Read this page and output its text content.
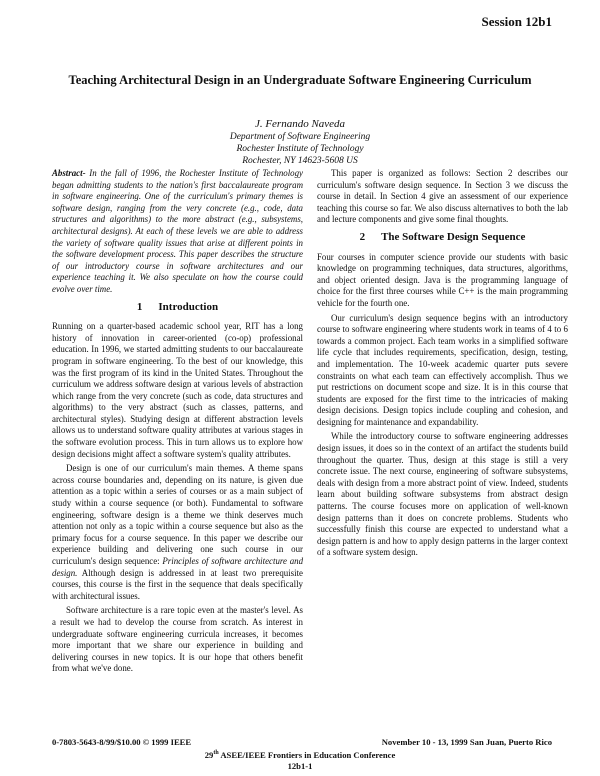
Session 12b1
Teaching Architectural Design in an Undergraduate Software Engineering Curriculum
J. Fernando Naveda
Department of Software Engineering
Rochester Institute of Technology
Rochester, NY 14623-5608 US

Abstract- In the fall of 1996, the Rochester Institute of Technology began admitting students to the nation's first baccalaureate program in software engineering. One of the curriculum's primary themes is software design, ranging from the very concrete (e.g., code, data structures and algorithms) to the more abstract (e.g., subsystems, architectural designs). At each of these levels we are able to address the variety of software quality issues that arise at different points in the software development process. This paper describes the structure of our introductory course in software architectures and our experience teaching it. We also speculate on how the course could evolve over time.

1 Introduction

Running on a quarter-based academic school year, RIT has a long history of innovation in career-oriented (co-op) professional education. In 1996, we started admitting students to our baccalaureate program in software engineering. To the best of our knowledge, this was the first program of its kind in the United States. Throughout the curriculum we address software design at various levels of abstraction which range from the very concrete (such as code, data structures and algorithms) to the very abstract (such as classes, patterns, and architectural styles). Studying design at different abstraction levels allows us to understand software quality attributes at various stages in the software evolution process. This in turn allows us to explore how design decisions might affect a software system's quality attributes.

Design is one of our curriculum's main themes. A theme spans across course boundaries and, depending on its nature, is given due attention as a topic within a series of courses or as a main subject of study within a course sequence (or both). Fundamental to software engineering, software design is a theme we think deserves much attention not only as a topic within a course sequence but also as the primary focus for a course sequence. In this paper we describe our experience building and delivering one such course in our curriculum's design sequence: Principles of software architecture and design. Although design is addressed in at least two prerequisite courses, this course is the first in the sequence that deals specifically with architectural issues.

Software architecture is a rare topic even at the master's level. As a result we had to develop the course from scratch. As interest in undergraduate software engineering curricula increases, it becomes more important that we share our experience in building and delivering courses in new topics. It is our hope that others benefit from what we've done.

This paper is organized as follows: Section 2 describes our curriculum's software design sequence. In Section 3 we discuss the course in detail. In Section 4 give an assessment of our experience teaching this course so far. We also discuss alternatives to both the lab and lecture components and give some final thoughts.

2 The Software Design Sequence

Four courses in computer science provide our students with basic knowledge on programming techniques, data structures, algorithms, and object oriented design. Java is the programming language of choice for the first three courses while C++ is the main programming vehicle for the fourth one.

Our curriculum's design sequence begins with an introductory course to software engineering where students work in teams of 4 to 6 towards a common project. Each team works in a simplified software life cycle that includes requirements, specification, design, testing, and implementation. The 10-week academic quarter puts severe constraints on what each team can effectively accomplish. Thus we put restrictions on document scope and size. It is in this course that students are exposed for the first time to the intricacies of making design decisions. Design topics include coupling and cohesion, and designing for maintenance and expandability.

While the introductory course to software engineering addresses design issues, it does so in the context of an artifact the students build throughout the quarter. Thus, design at this stage is still a very concrete issue. The next course, engineering of software subsystems, deals with design from a more abstract point of view. Indeed, students learn about building software subsystems from abstract design patterns. The course focuses more on application of well-known design patterns than it does on concrete problems. Students who successfully finish this course are expected to understand what a design pattern is and how to apply design patterns in the larger context of a software system design.

0-7803-5643-8/99/$10.00 © 1999 IEEE	November 10 - 13, 1999 San Juan, Puerto Rico
29th ASEE/IEEE Frontiers in Education Conference
12b1-1
